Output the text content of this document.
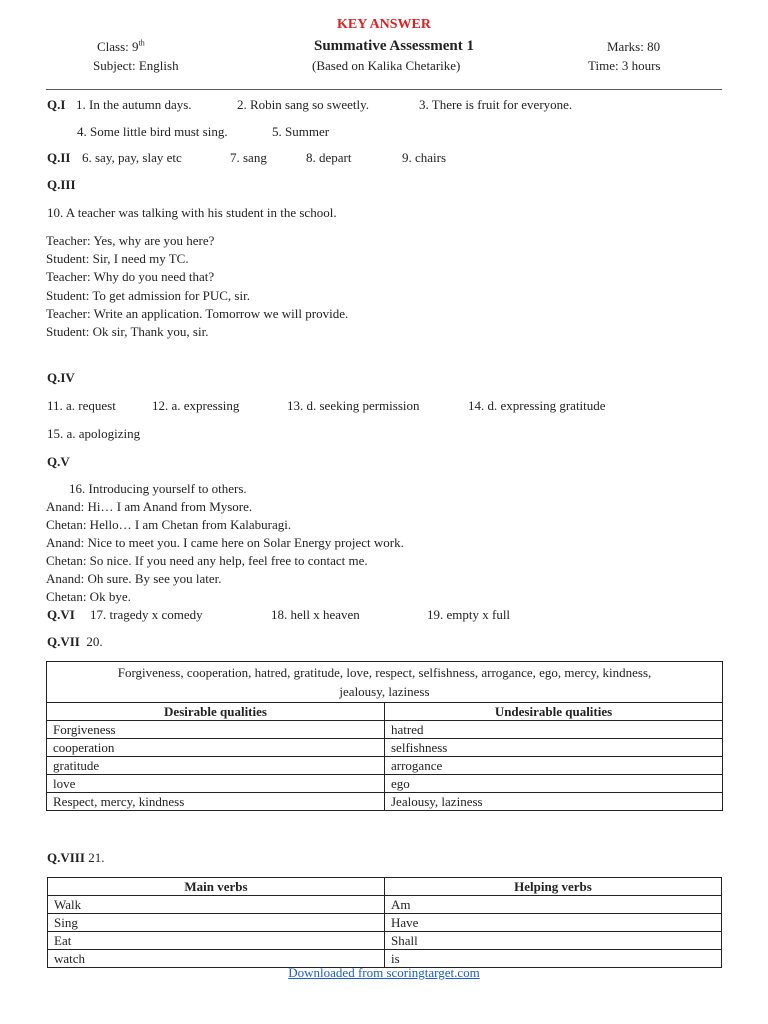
KEY ANSWER
Class: 9th
Subject: English
Summative Assessment 1
(Based on Kalika Chetarike)
Marks: 80
Time: 3 hours
Q.I 1. In the autumn days.	2. Robin sang so sweetly.	3. There is fruit for everyone.
4. Some little bird must sing.	5. Summer
Q.II 6. say, pay, slay etc	7. sang	8. depart	9. chairs
Q.III
10. A teacher was talking with his student in the school.
Teacher: Yes, why are you here?
Student: Sir, I need my TC.
Teacher: Why do you need that?
Student: To get admission for PUC, sir.
Teacher: Write an application. Tomorrow we will provide.
Student: Ok sir, Thank you, sir.
Q.IV
11. a. request	12. a. expressing	13. d. seeking permission	14. d. expressing gratitude
15. a. apologizing
Q.V
16. Introducing yourself to others.
Anand: Hi… I am Anand from Mysore.
Chetan: Hello… I am Chetan from Kalaburagi.
Anand: Nice to meet you. I came here on Solar Energy project work.
Chetan: So nice. If you need any help, feel free to contact me.
Anand: Oh sure. By see you later.
Chetan: Ok bye.
Q.VI 17. tragedy x comedy	18. hell x heaven	19. empty x full
Q.VII 20.
Forgiveness, cooperation, hatred, gratitude, love, respect, selfishness, arrogance, ego, mercy, kindness,
jealousy, laziness	
Desirable qualities	Undesirable qualities
Forgiveness	hatred
cooperation	selfishness
gratitude	arrogance
love	ego
Respect, mercy, kindness	Jealousy, laziness
Q.VIII 21.
Main verbs	Helping verbs
Walk	Am
Sing	Have
Eat	Shall
watch	is
Downloaded from scoringtarget.com
